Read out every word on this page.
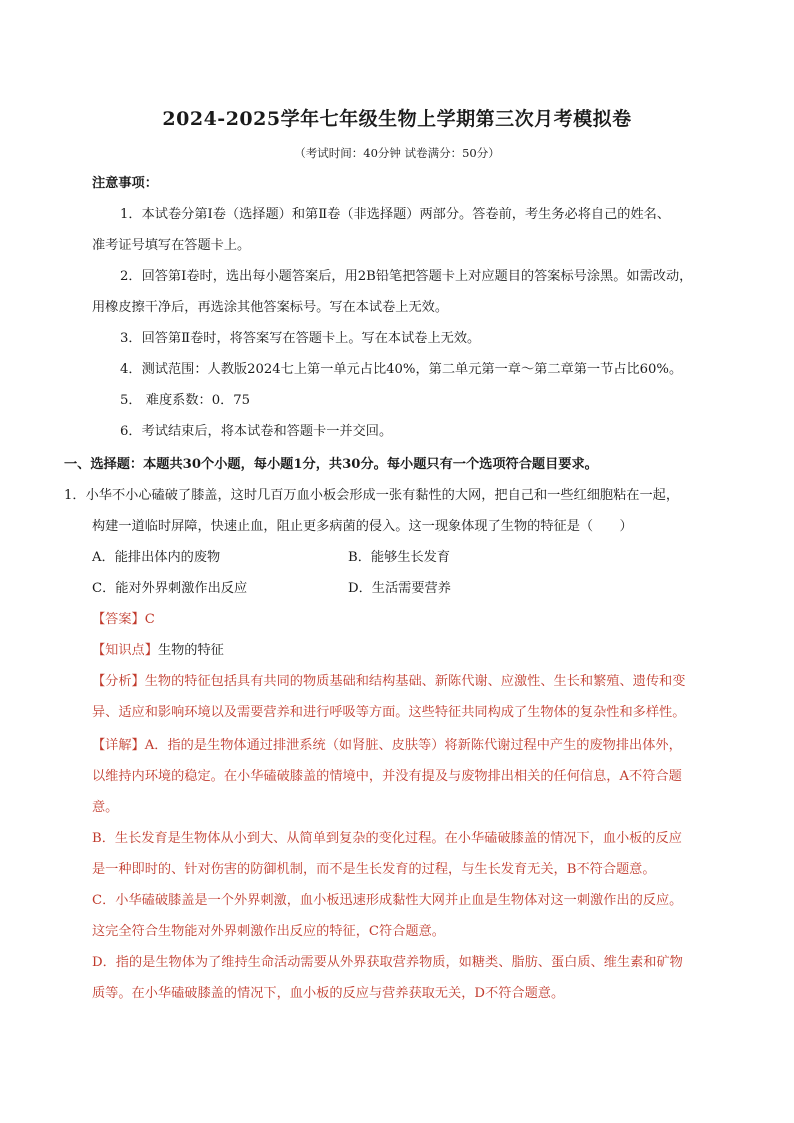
2024-2025学年七年级生物上学期第三次月考模拟卷
（考试时间：40分钟 试卷满分：50分）
注意事项：
1．本试卷分第Ⅰ卷（选择题）和第Ⅱ卷（非选择题）两部分。答卷前，考生务必将自己的姓名、
准考证号填写在答题卡上。
2．回答第Ⅰ卷时，选出每小题答案后，用2B铅笔把答题卡上对应题目的答案标号涂黑。如需改动，
用橡皮擦干净后，再选涂其他答案标号。写在本试卷上无效。
3．回答第Ⅱ卷时，将答案写在答题卡上。写在本试卷上无效。
4．测试范围：人教版2024七上第一单元占比40%，第二单元第一章～第二章第一节占比60%。
5． 难度系数：0．75
6．考试结束后，将本试卷和答题卡一并交回。
一、选择题：本题共30个小题，每小题1分，共30分。每小题只有一个选项符合题目要求。
1．小华不小心磕破了膝盖，这时几百万血小板会形成一张有黏性的大网，把自己和一些红细胞粘在一起，
构建一道临时屏障，快速止血，阻止更多病菌的侵入。这一现象体现了生物的特征是（　　）
A．能排出体内的废物	B．能够生长发育
C．能对外界刺激作出反应	D．生活需要营养
【答案】C
【知识点】生物的特征
【分析】生物的特征包括具有共同的物质基础和结构基础、新陈代谢、应激性、生长和繁殖、遗传和变
异、适应和影响环境以及需要营养和进行呼吸等方面。这些特征共同构成了生物体的复杂性和多样性。
【详解】A．指的是生物体通过排泄系统（如肾脏、皮肤等）将新陈代谢过程中产生的废物排出体外，
以维持内环境的稳定。在小华磕破膝盖的情境中，并没有提及与废物排出相关的任何信息，A不符合题
意。
B．生长发育是生物体从小到大、从简单到复杂的变化过程。在小华磕破膝盖的情况下，血小板的反应
是一种即时的、针对伤害的防御机制，而不是生长发育的过程，与生长发育无关，B不符合题意。
C．小华磕破膝盖是一个外界刺激，血小板迅速形成黏性大网并止血是生物体对这一刺激作出的反应。
这完全符合生物能对外界刺激作出反应的特征，C符合题意。
D．指的是生物体为了维持生命活动需要从外界获取营养物质，如糖类、脂肪、蛋白质、维生素和矿物
质等。在小华磕破膝盖的情况下，血小板的反应与营养获取无关，D不符合题意。
